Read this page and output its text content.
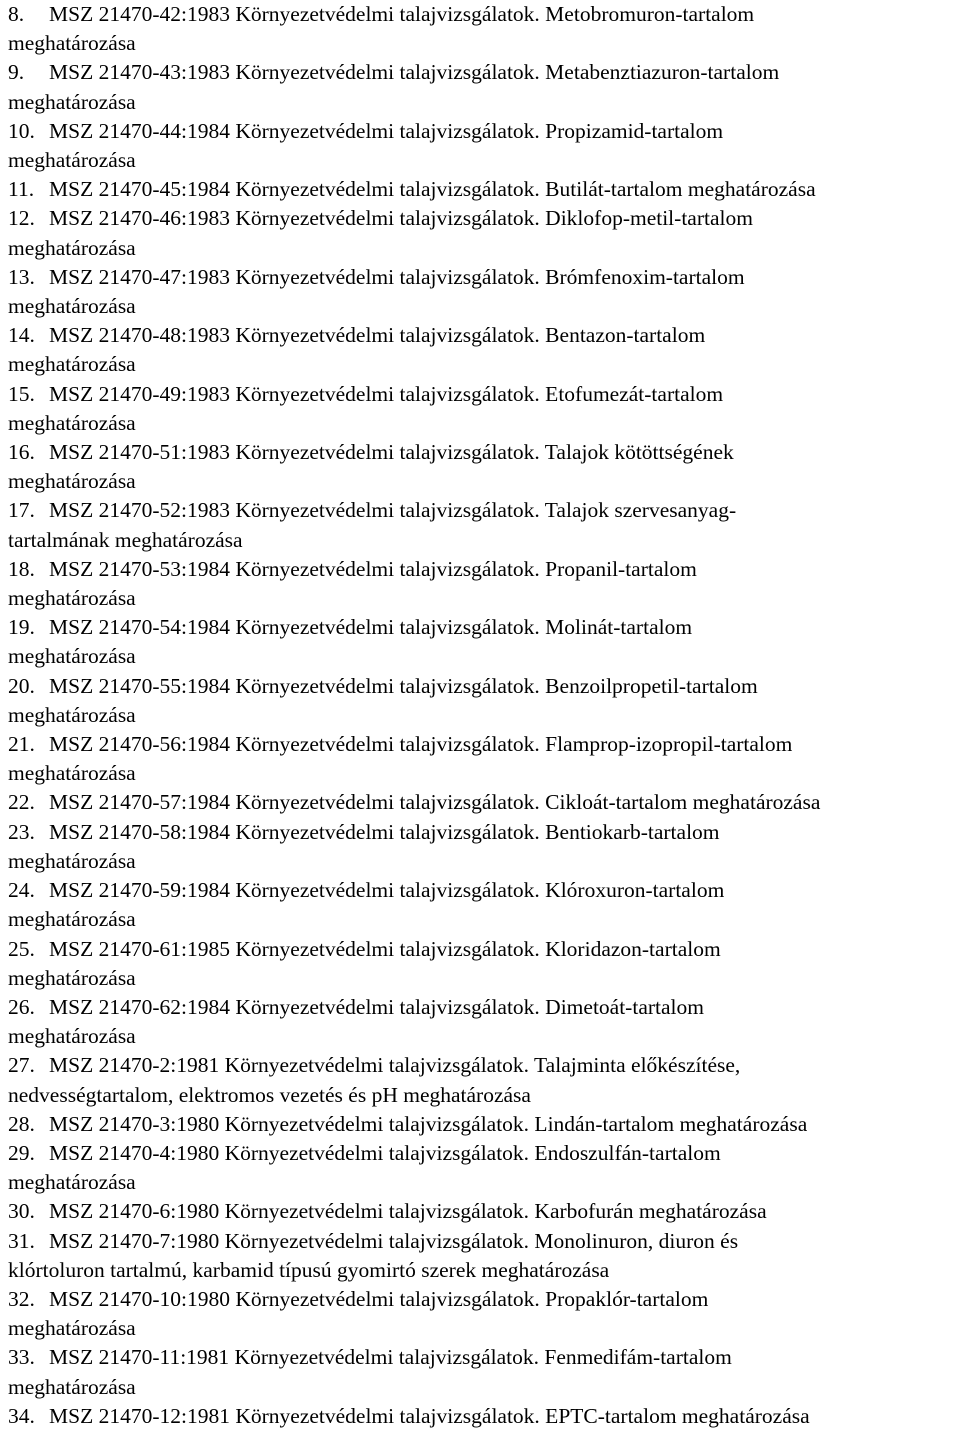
8. MSZ 21470-42:1983 Környezetvédelmi talajvizsgálatok. Metobromuron-tartalom
meghatározása

9. MSZ 21470-43:1983 Környezetvédelmi talajvizsgálatok. Metabenztiazuron-tartalom
meghatározása

10. MSZ 21470-44:1984 Környezetvédelmi talajvizsgálatok. Propizamid-tartalom
meghatározása

11. MSZ 21470-45:1984 Környezetvédelmi talajvizsgálatok. Butilát-tartalom meghatározása

12. MSZ 21470-46:1983 Környezetvédelmi talajvizsgálatok. Diklofop-metil-tartalom
meghatározása

13. MSZ 21470-47:1983 Környezetvédelmi talajvizsgálatok. Brómfenoxim-tartalom
meghatározása

14. MSZ 21470-48:1983 Környezetvédelmi talajvizsgálatok. Bentazon-tartalom
meghatározása

15. MSZ 21470-49:1983 Környezetvédelmi talajvizsgálatok. Etofumezát-tartalom
meghatározása

16. MSZ 21470-51:1983 Környezetvédelmi talajvizsgálatok. Talajok kötöttségének
meghatározása

17. MSZ 21470-52:1983 Környezetvédelmi talajvizsgálatok. Talajok szervesanyag-
tartalmának meghatározása

18. MSZ 21470-53:1984 Környezetvédelmi talajvizsgálatok. Propanil-tartalom
meghatározása

19. MSZ 21470-54:1984 Környezetvédelmi talajvizsgálatok. Molinát-tartalom
meghatározása

20. MSZ 21470-55:1984 Környezetvédelmi talajvizsgálatok. Benzoilpropetil-tartalom
meghatározása

21. MSZ 21470-56:1984 Környezetvédelmi talajvizsgálatok. Flamprop-izopropil-tartalom
meghatározása

22. MSZ 21470-57:1984 Környezetvédelmi talajvizsgálatok. Cikloát-tartalom meghatározása

23. MSZ 21470-58:1984 Környezetvédelmi talajvizsgálatok. Bentiokarb-tartalom
meghatározása

24. MSZ 21470-59:1984 Környezetvédelmi talajvizsgálatok. Klóroxuron-tartalom
meghatározása

25. MSZ 21470-61:1985 Környezetvédelmi talajvizsgálatok. Kloridazon-tartalom
meghatározása

26. MSZ 21470-62:1984 Környezetvédelmi talajvizsgálatok. Dimetoát-tartalom
meghatározása

27. MSZ 21470-2:1981 Környezetvédelmi talajvizsgálatok. Talajminta előkészítése,
nedvességtartalom, elektromos vezetés és pH meghatározása

28. MSZ 21470-3:1980 Környezetvédelmi talajvizsgálatok. Lindán-tartalom meghatározása

29. MSZ 21470-4:1980 Környezetvédelmi talajvizsgálatok. Endoszulfán-tartalom
meghatározása

30. MSZ 21470-6:1980 Környezetvédelmi talajvizsgálatok. Karbofurán meghatározása

31. MSZ 21470-7:1980 Környezetvédelmi talajvizsgálatok. Monolinuron, diuron és
klórtoluron tartalmú, karbamid típusú gyomirtó szerek meghatározása

32. MSZ 21470-10:1980 Környezetvédelmi talajvizsgálatok. Propaklór-tartalom
meghatározása

33. MSZ 21470-11:1981 Környezetvédelmi talajvizsgálatok. Fenmedifám-tartalom
meghatározása

34. MSZ 21470-12:1981 Környezetvédelmi talajvizsgálatok. EPTC-tartalom meghatározása
